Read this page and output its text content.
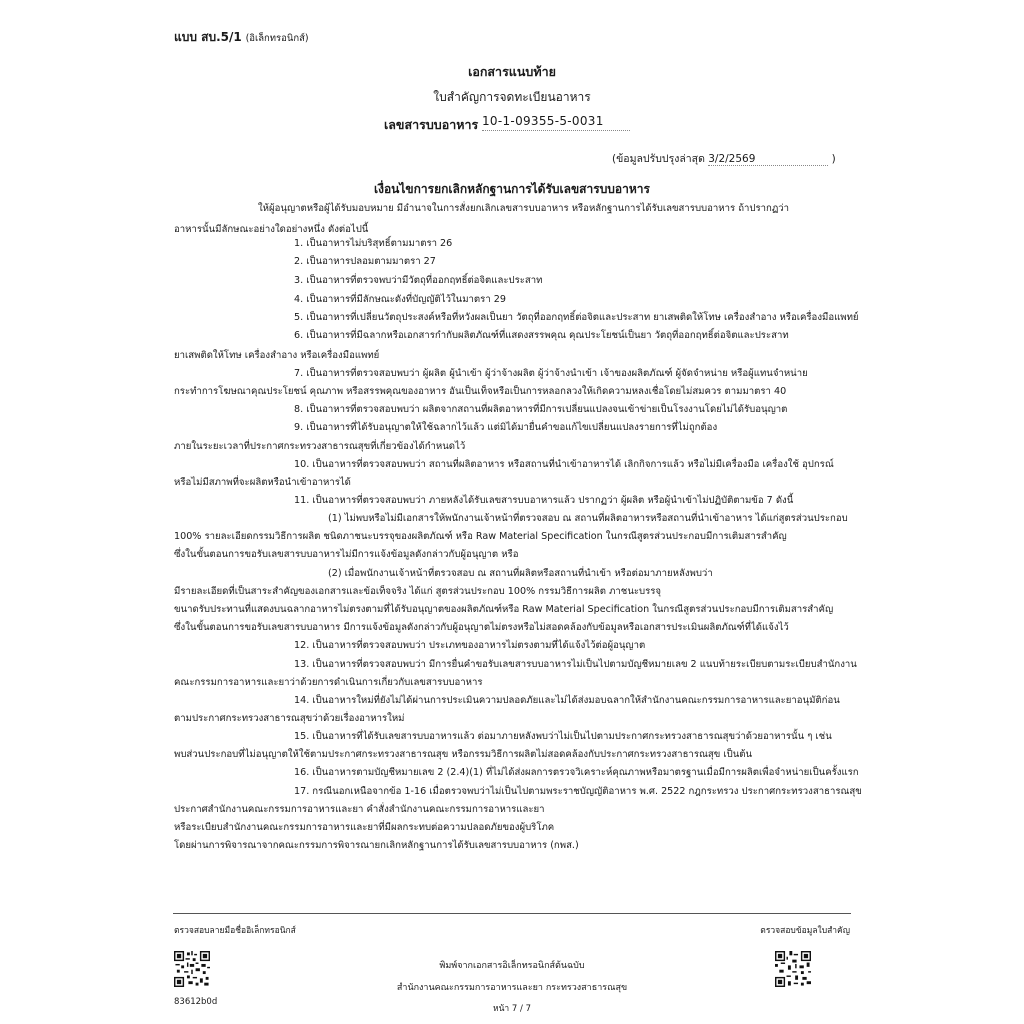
แบบ สบ.5/1 (อิเล็กทรอนิกส์)
เอกสารแนบท้าย
ใบสำคัญการจดทะเบียนอาหาร
เลขสารบบอาหาร 10-1-09355-5-0031
(ข้อมูลปรับปรุงล่าสุด 3/2/2569	)
เงื่อนไขการยกเลิกหลักฐานการได้รับเลขสารบบอาหาร
ให้ผู้อนุญาตหรือผู้ได้รับมอบหมาย มีอำนาจในการสั่งยกเลิกเลขสารบบอาหาร หรือหลักฐานการได้รับเลขสารบบอาหาร ถ้าปรากฏว่า
อาหารนั้นมีลักษณะอย่างใดอย่างหนึ่ง ดังต่อไปนี้
1. เป็นอาหารไม่บริสุทธิ์ตามมาตรา 26
2. เป็นอาหารปลอมตามมาตรา 27
3. เป็นอาหารที่ตรวจพบว่ามีวัตถุที่ออกฤทธิ์ต่อจิตและประสาท
4. เป็นอาหารที่มีลักษณะดังที่บัญญัติไว้ในมาตรา 29
5. เป็นอาหารที่เปลี่ยนวัตถุประสงค์หรือที่หวังผลเป็นยา วัตถุที่ออกฤทธิ์ต่อจิตและประสาท ยาเสพติดให้โทษ เครื่องสำอาง หรือเครื่องมือแพทย์
6. เป็นอาหารที่มีฉลากหรือเอกสารกำกับผลิตภัณฑ์ที่แสดงสรรพคุณ คุณประโยชน์เป็นยา วัตถุที่ออกฤทธิ์ต่อจิตและประสาท
ยาเสพติดให้โทษ เครื่องสำอาง หรือเครื่องมือแพทย์
7. เป็นอาหารที่ตรวจสอบพบว่า ผู้ผลิต ผู้นำเข้า ผู้ว่าจ้างผลิต ผู้ว่าจ้างนำเข้า เจ้าของผลิตภัณฑ์ ผู้จัดจำหน่าย หรือผู้แทนจำหน่าย
กระทำการโฆษณาคุณประโยชน์ คุณภาพ หรือสรรพคุณของอาหาร อันเป็นเท็จหรือเป็นการหลอกลวงให้เกิดความหลงเชื่อโดยไม่สมควร ตามมาตรา 40
8. เป็นอาหารที่ตรวจสอบพบว่า ผลิตจากสถานที่ผลิตอาหารที่มีการเปลี่ยนแปลงจนเข้าข่ายเป็นโรงงานโดยไม่ได้รับอนุญาต
9. เป็นอาหารที่ได้รับอนุญาตให้ใช้ฉลากไว้แล้ว แต่มิได้มายื่นคำขอแก้ไขเปลี่ยนแปลงรายการที่ไม่ถูกต้อง
ภายในระยะเวลาที่ประกาศกระทรวงสาธารณสุขที่เกี่ยวข้องได้กำหนดไว้
10. เป็นอาหารที่ตรวจสอบพบว่า สถานที่ผลิตอาหาร หรือสถานที่นำเข้าอาหารได้ เลิกกิจการแล้ว หรือไม่มีเครื่องมือ เครื่องใช้ อุปกรณ์
หรือไม่มีสภาพที่จะผลิตหรือนำเข้าอาหารได้
11. เป็นอาหารที่ตรวจสอบพบว่า ภายหลังได้รับเลขสารบบอาหารแล้ว ปรากฏว่า ผู้ผลิต หรือผู้นำเข้าไม่ปฏิบัติตามข้อ 7 ดังนี้
(1) ไม่พบหรือไม่มีเอกสารให้พนักงานเจ้าหน้าที่ตรวจสอบ ณ สถานที่ผลิตอาหารหรือสถานที่นำเข้าอาหาร ได้แก่สูตรส่วนประกอบ
100% รายละเอียดกรรมวิธีการผลิต ชนิดภาชนะบรรจุของผลิตภัณฑ์ หรือ Raw Material Specification ในกรณีสูตรส่วนประกอบมีการเติมสารสำคัญ
ซึ่งในขั้นตอนการขอรับเลขสารบบอาหารไม่มีการแจ้งข้อมูลดังกล่าวกับผู้อนุญาต หรือ
(2) เมื่อพนักงานเจ้าหน้าที่ตรวจสอบ ณ สถานที่ผลิตหรือสถานที่นำเข้า หรือต่อมาภายหลังพบว่า
มีรายละเอียดที่เป็นสาระสำคัญของเอกสารและข้อเท็จจริง ได้แก่ สูตรส่วนประกอบ 100% กรรมวิธีการผลิต ภาชนะบรรจุ
ขนาดรับประทานที่แสดงบนฉลากอาหารไม่ตรงตามที่ได้รับอนุญาตของผลิตภัณฑ์หรือ Raw Material Specification ในกรณีสูตรส่วนประกอบมีการเติมสารสำคัญ
ซึ่งในขั้นตอนการขอรับเลขสารบบอาหาร มีการแจ้งข้อมูลดังกล่าวกับผู้อนุญาตไม่ตรงหรือไม่สอดคล้องกับข้อมูลหรือเอกสารประเมินผลิตภัณฑ์ที่ได้แจ้งไว้
12. เป็นอาหารที่ตรวจสอบพบว่า ประเภทของอาหารไม่ตรงตามที่ได้แจ้งไว้ต่อผู้อนุญาต
13. เป็นอาหารที่ตรวจสอบพบว่า มีการยื่นคำขอรับเลขสารบบอาหารไม่เป็นไปตามบัญชีหมายเลข 2 แนบท้ายระเบียบตามระเบียบสำนักงาน
คณะกรรมการอาหารและยาว่าด้วยการดำเนินการเกี่ยวกับเลขสารบบอาหาร
14. เป็นอาหารใหม่ที่ยังไม่ได้ผ่านการประเมินความปลอดภัยและไม่ได้ส่งมอบฉลากให้สำนักงานคณะกรรมการอาหารและยาอนุมัติก่อน
ตามประกาศกระทรวงสาธารณสุขว่าด้วยเรื่องอาหารใหม่
15. เป็นอาหารที่ได้รับเลขสารบบอาหารแล้ว ต่อมาภายหลังพบว่าไม่เป็นไปตามประกาศกระทรวงสาธารณสุขว่าด้วยอาหารนั้น ๆ เช่น
พบส่วนประกอบที่ไม่อนุญาตให้ใช้ตามประกาศกระทรวงสาธารณสุข หรือกรรมวิธีการผลิตไม่สอดคล้องกับประกาศกระทรวงสาธารณสุข เป็นต้น
16. เป็นอาหารตามบัญชีหมายเลข 2 (2.4)(1) ที่ไม่ได้ส่งผลการตรวจวิเคราะห์คุณภาพหรือมาตรฐานเมื่อมีการผลิตเพื่อจำหน่ายเป็นครั้งแรก
17. กรณีนอกเหนือจากข้อ 1-16 เมื่อตรวจพบว่าไม่เป็นไปตามพระราชบัญญัติอาหาร พ.ศ. 2522 กฎกระทรวง ประกาศกระทรวงสาธารณสุข
ประกาศสำนักงานคณะกรรมการอาหารและยา คำสั่งสำนักงานคณะกรรมการอาหารและยา
หรือระเบียบสำนักงานคณะกรรมการอาหารและยาที่มีผลกระทบต่อความปลอดภัยของผู้บริโภค
โดยผ่านการพิจารณาจากคณะกรรมการพิจารณายกเลิกหลักฐานการได้รับเลขสารบบอาหาร (กพส.)
ตรวจสอบลายมือชื่ออิเล็กทรอนิกส์	ตรวจสอบข้อมูลใบสำคัญ
83612b0d
พิมพ์จากเอกสารอิเล็กทรอนิกส์ต้นฉบับ
สำนักงานคณะกรรมการอาหารและยา กระทรวงสาธารณสุข
หน้า 7 / 7
